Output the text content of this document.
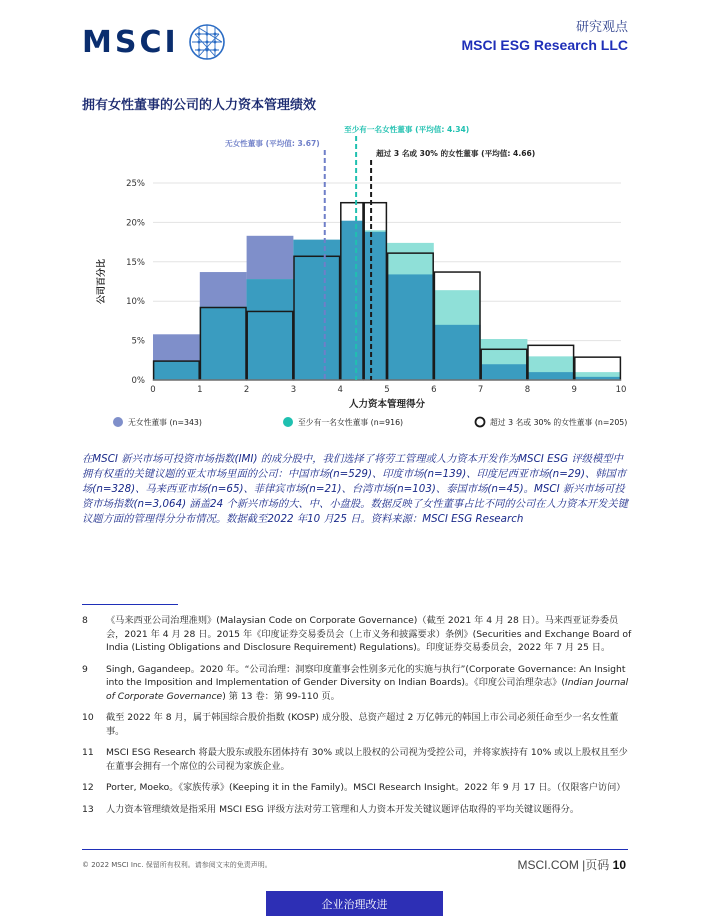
MSCI	研究观点
MSCI ESG Research LLC
拥有女性董事的公司的人力资本管理绩效
0%
5%
10%
15%
20%
25%
0	1	2	3	4	5	6	7	8	9	10
无女性董事 (平均值: 3.67)
至少有一名女性董事 (平均值: 4.34)
超过 3 名或 30% 的女性董事 (平均值: 4.66)
人力资本管理得分
公司百分比
无女性董事 (n=343)	至少有一名女性董事 (n=916)	超过 3 名或 30% 的女性董事 (n=205)
在MSCI 新兴市场可投资市场指数(IMI) 的成分股中，我们选择了将劳工管理或人力资本开发作为MSCI ESG 评级模型中拥有权重的关键议题的亚太市场里面的公司：中国市场(n=529)、印度市场(n=139)、印度尼西亚市场(n=29)、韩国市场(n=328)、马来西亚市场(n=65)、菲律宾市场(n=21)、台湾市场(n=103)、泰国市场(n=45)。MSCI 新兴市场可投资市场指数(n=3,064) 涵盖24 个新兴市场的大、中、小盘股。数据反映了女性董事占比不同的公司在人力资本开发关键议题方面的管理得分分布情况。数据截至2022 年10 月25 日。资料来源：MSCI ESG Research
8	《马来西亚公司治理准则》(Malaysian Code on Corporate Governance)（截至 2021 年 4 月 28 日）。马来西亚证券委员会，2021 年 4 月 28 日。2015 年《印度证券交易委员会（上市义务和披露要求）条例》(Securities and Exchange Board of India (Listing Obligations and Disclosure Requirement) Regulations)。印度证券交易委员会，2022 年 7 月 25 日。
9	Singh, Gagandeep。2020 年。“公司治理：洞察印度董事会性别多元化的实施与执行”(Corporate Governance: An Insight into the Imposition and Implementation of Gender Diversity on Indian Boards)。《印度公司治理杂志》(Indian Journal of Corporate Governance) 第 13 卷：第 99-110 页。
10	截至 2022 年 8 月，属于韩国综合股价指数 (KOSP) 成分股、总资产超过 2 万亿韩元的韩国上市公司必须任命至少一名女性董事。
11	MSCI ESG Research 将最大股东或股东团体持有 30% 或以上股权的公司视为受控公司，并将家族持有 10% 或以上股权且至少在董事会拥有一个席位的公司视为家族企业。
12	Porter, Moeko。《家族传承》(Keeping it in the Family)。MSCI Research Insight。2022 年 9 月 17 日。（仅限客户访问）
13	人力资本管理绩效是指采用 MSCI ESG 评级方法对劳工管理和人力资本开发关键议题评估取得的平均关键议题得分。
© 2022 MSCI Inc. 保留所有权利。请参阅文末的免责声明。	MSCI.COM |页码 10
企业治理改进
